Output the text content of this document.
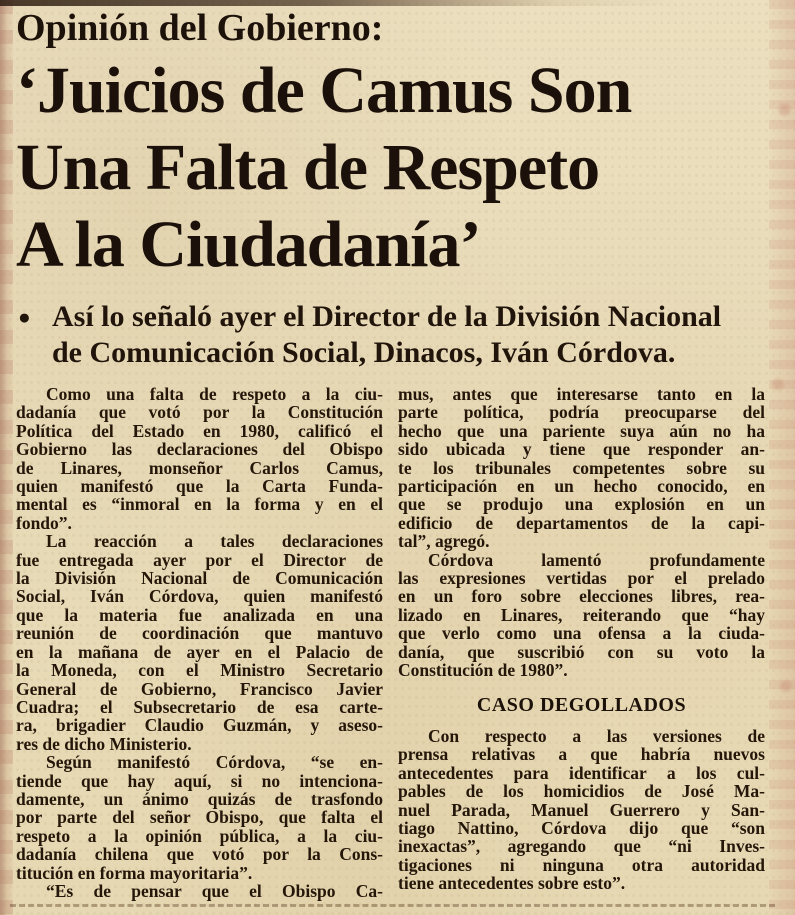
Opinión del Gobierno:
‘Juicios de Camus Son
Una Falta de Respeto
A la Ciudadanía’
● Así lo señaló ayer el Director de la División Nacional
de Comunicación Social, Dinacos, Iván Córdova.
Como una falta de respeto a la ciu-
dadanía que votó por la Constitución
Política del Estado en 1980, calificó el
Gobierno las declaraciones del Obispo
de Linares, monseñor Carlos Camus,
quien manifestó que la Carta Funda-
mental es “inmoral en la forma y en el
fondo”.
La reacción a tales declaraciones
fue entregada ayer por el Director de
la División Nacional de Comunicación
Social, Iván Córdova, quien manifestó
que la materia fue analizada en una
reunión de coordinación que mantuvo
en la mañana de ayer en el Palacio de
la Moneda, con el Ministro Secretario
General de Gobierno, Francisco Javier
Cuadra; el Subsecretario de esa carte-
ra, brigadier Claudio Guzmán, y aseso-
res de dicho Ministerio.
Según manifestó Córdova, “se en-
tiende que hay aquí, si no intenciona-
damente, un ánimo quizás de trasfondo
por parte del señor Obispo, que falta el
respeto a la opinión pública, a la ciu-
dadanía chilena que votó por la Cons-
titución en forma mayoritaria”.
“Es de pensar que el Obispo Ca-
mus, antes que interesarse tanto en la
parte política, podría preocuparse del
hecho que una pariente suya aún no ha
sido ubicada y tiene que responder an-
te los tribunales competentes sobre su
participación en un hecho conocido, en
que se produjo una explosión en un
edificio de departamentos de la capi-
tal”, agregó.
Córdova lamentó profundamente
las expresiones vertidas por el prelado
en un foro sobre elecciones libres, rea-
lizado en Linares, reiterando que “hay
que verlo como una ofensa a la ciuda-
danía, que suscribió con su voto la
Constitución de 1980”.
CASO DEGOLLADOS
Con respecto a las versiones de
prensa relativas a que habría nuevos
antecedentes para identificar a los cul-
pables de los homicidios de José Ma-
nuel Parada, Manuel Guerrero y San-
tiago Nattino, Córdova dijo que “son
inexactas”, agregando que “ni Inves-
tigaciones ni ninguna otra autoridad
tiene antecedentes sobre esto”.
